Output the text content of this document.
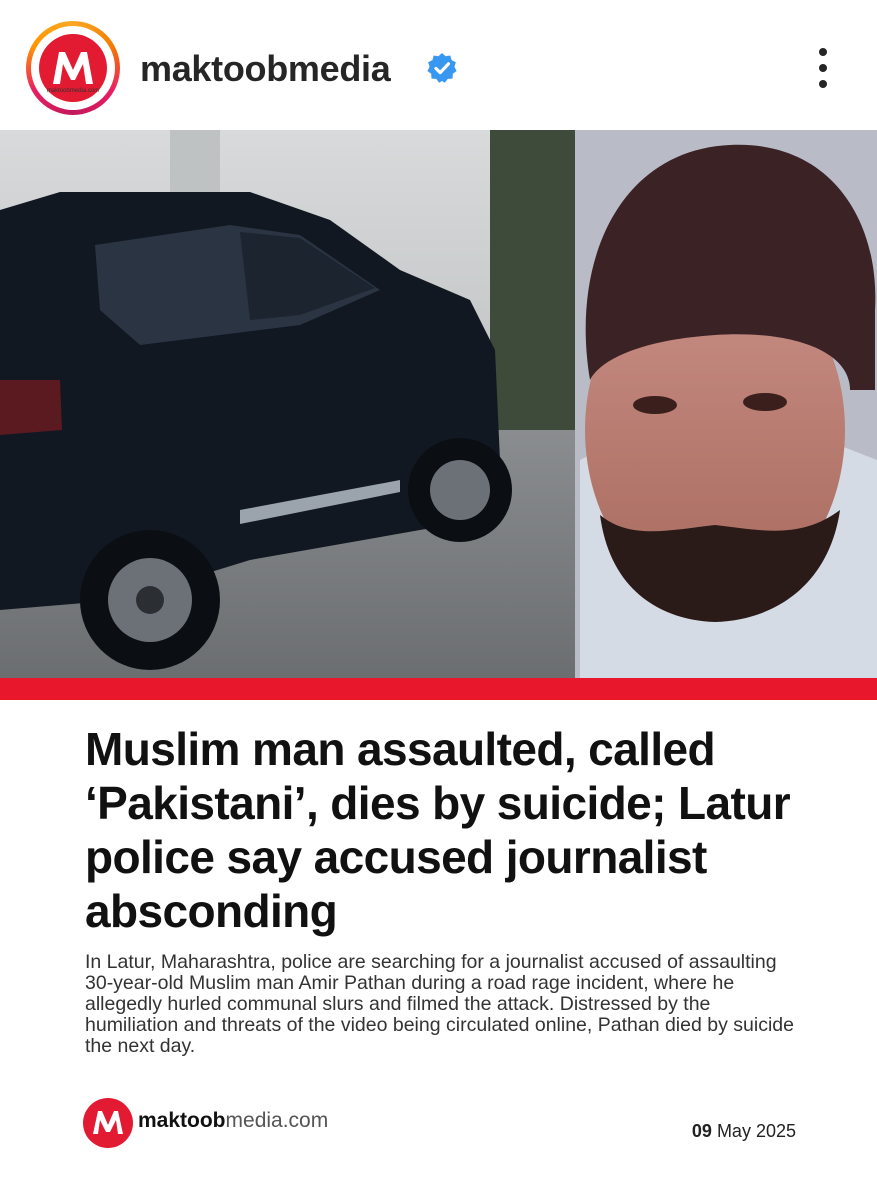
maktoobmedia.com
maktoobmedia
Muslim man assaulted, called ‘Pakistani’, dies by suicide; Latur police say accused journalist absconding

In Latur, Maharashtra, police are searching for a journalist accused of assaulting 30-year-old Muslim man Amir Pathan during a road rage incident, where he allegedly hurled communal slurs and filmed the attack. Distressed by the humiliation and threats of the video being circulated online, Pathan died by suicide the next day.

maktoobmedia.com	09 May 2025
